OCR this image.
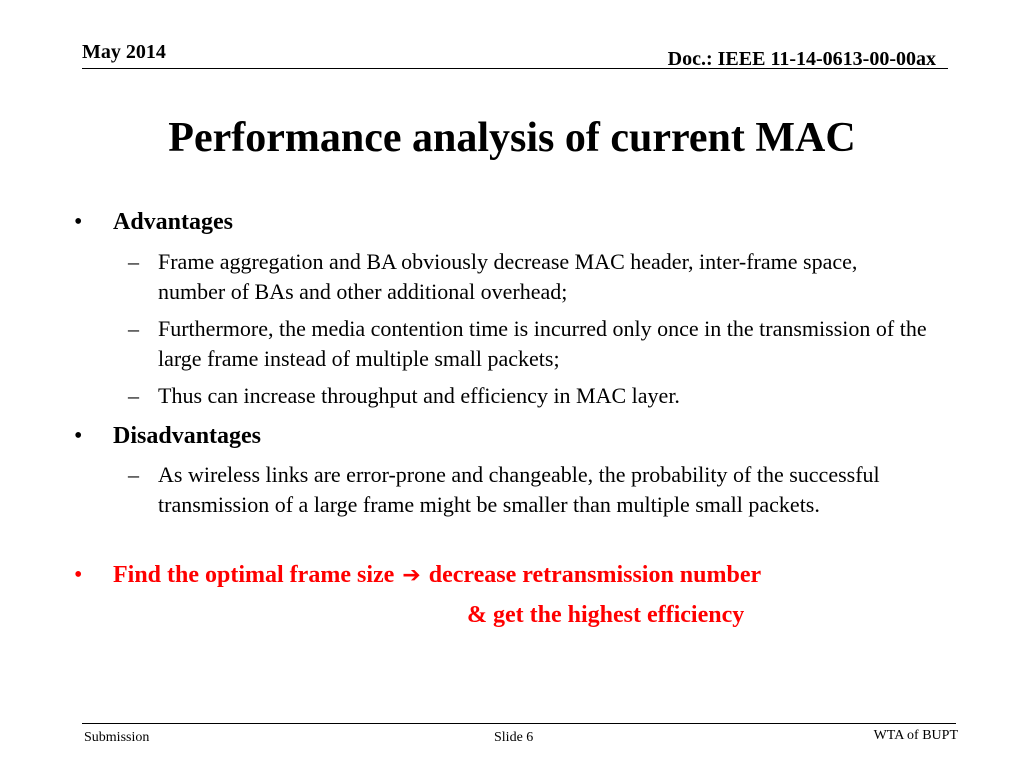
May 2014	Doc.: IEEE 11-14-0613-00-00ax
Performance analysis of current MAC
• Advantages
– Frame aggregation and BA obviously decrease MAC header, inter-frame space, number of BAs and other additional overhead;
– Furthermore, the media contention time is incurred only once in the transmission of the large frame instead of multiple small packets;
– Thus can increase throughput and efficiency in MAC layer.
• Disadvantages
– As wireless links are error-prone and changeable, the probability of the successful transmission of a large frame might be smaller than multiple small packets.
• Find the optimal frame size ➔ decrease retransmission number
& get the highest efficiency
Submission	Slide 6	WTA of BUPT
